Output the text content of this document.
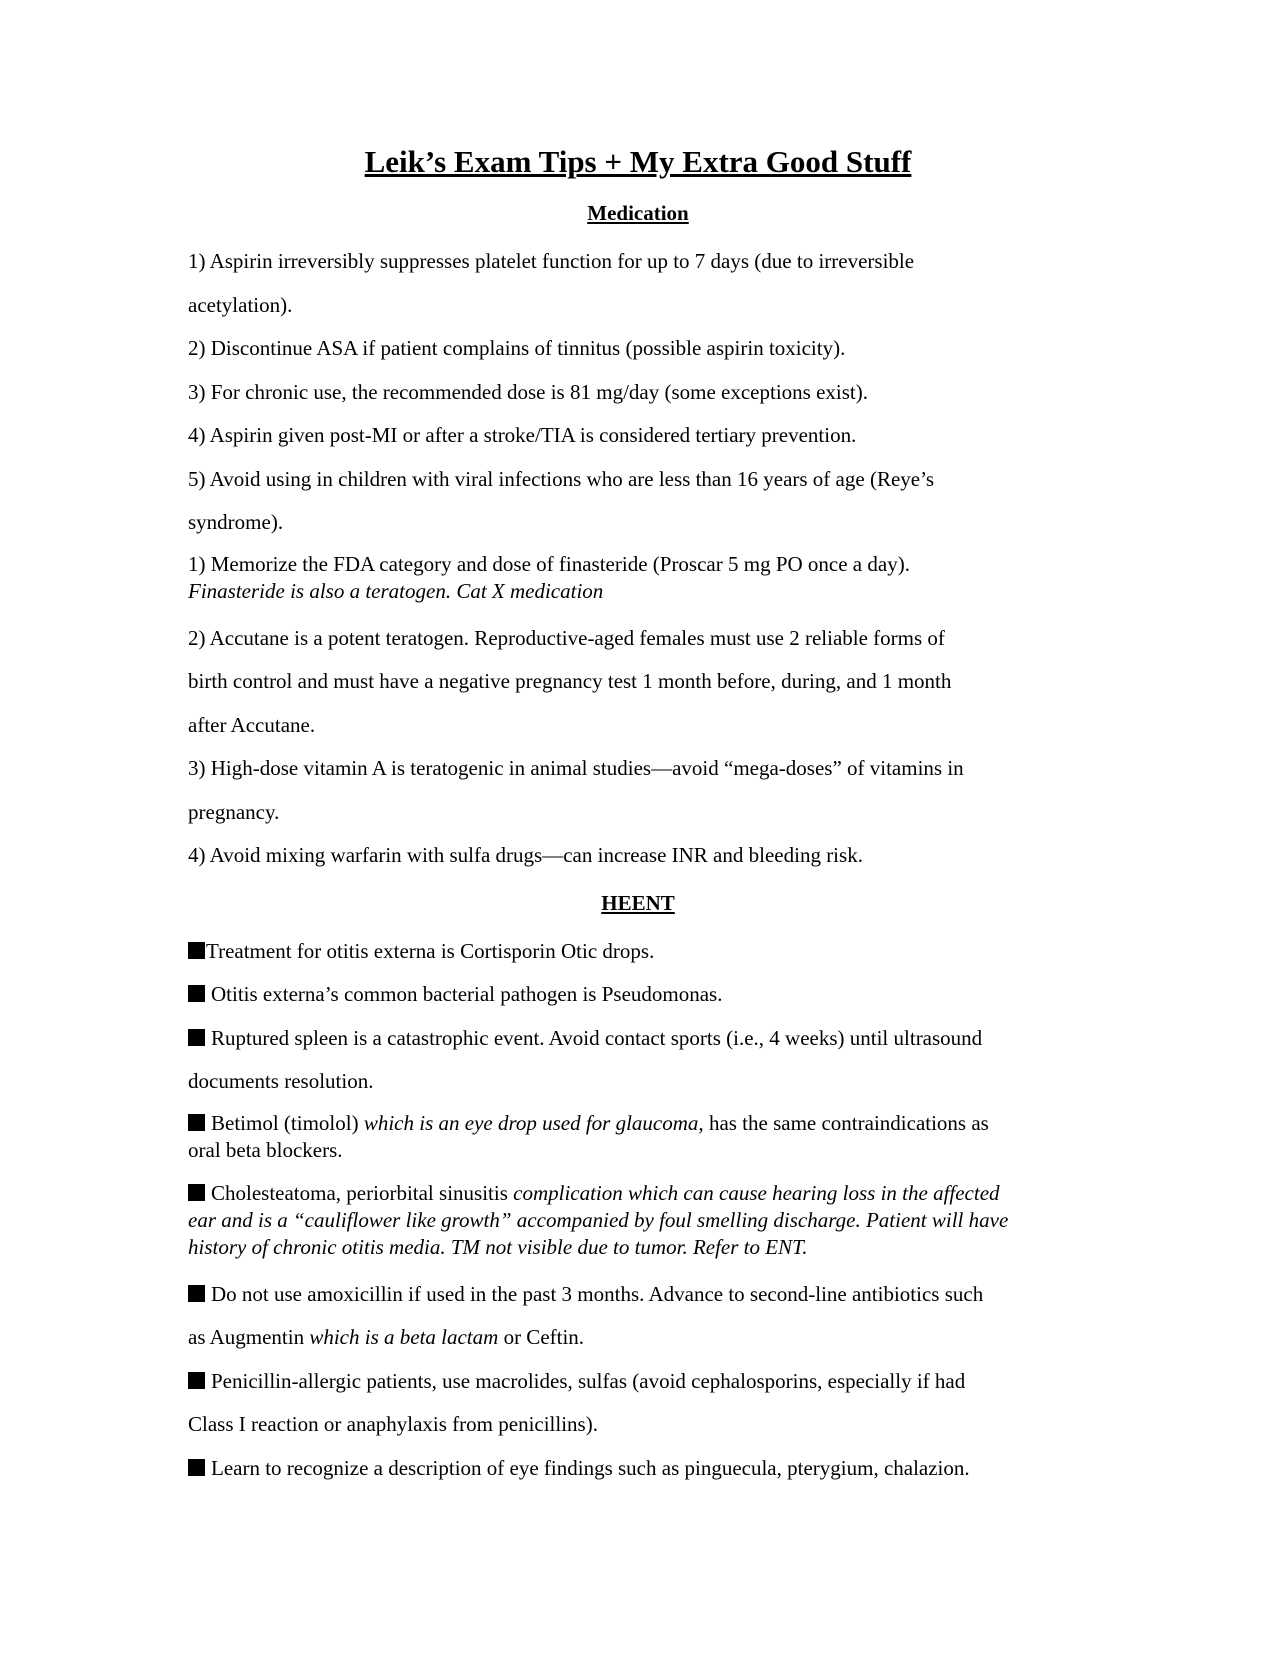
Leik’s Exam Tips + My Extra Good Stuff
Medication

1) Aspirin irreversibly suppresses platelet function for up to 7 days (due to irreversible
acetylation).

2) Discontinue ASA if patient complains of tinnitus (possible aspirin toxicity).

3) For chronic use, the recommended dose is 81 mg/day (some exceptions exist).

4) Aspirin given post-MI or after a stroke/TIA is considered tertiary prevention.

5) Avoid using in children with viral infections who are less than 16 years of age (Reye’s
syndrome).

1) Memorize the FDA category and dose of finasteride (Proscar 5 mg PO once a day).
Finasteride is also a teratogen. Cat X medication

2) Accutane is a potent teratogen. Reproductive-aged females must use 2 reliable forms of
birth control and must have a negative pregnancy test 1 month before, during, and 1 month
after Accutane.

3) High-dose vitamin A is teratogenic in animal studies—avoid “mega-doses” of vitamins in
pregnancy.

4) Avoid mixing warfarin with sulfa drugs—can increase INR and bleeding risk.

HEENT

Treatment for otitis externa is Cortisporin Otic drops.

Otitis externa’s common bacterial pathogen is Pseudomonas.

Ruptured spleen is a catastrophic event. Avoid contact sports (i.e., 4 weeks) until ultrasound
documents resolution.

Betimol (timolol) which is an eye drop used for glaucoma, has the same contraindications as
oral beta blockers.

Cholesteatoma, periorbital sinusitis complication which can cause hearing loss in the affected
ear and is a “cauliflower like growth” accompanied by foul smelling discharge. Patient will have
history of chronic otitis media. TM not visible due to tumor. Refer to ENT.

Do not use amoxicillin if used in the past 3 months. Advance to second-line antibiotics such
as Augmentin which is a beta lactam or Ceftin.

Penicillin-allergic patients, use macrolides, sulfas (avoid cephalosporins, especially if had
Class I reaction or anaphylaxis from penicillins).

Learn to recognize a description of eye findings such as pinguecula, pterygium, chalazion.
